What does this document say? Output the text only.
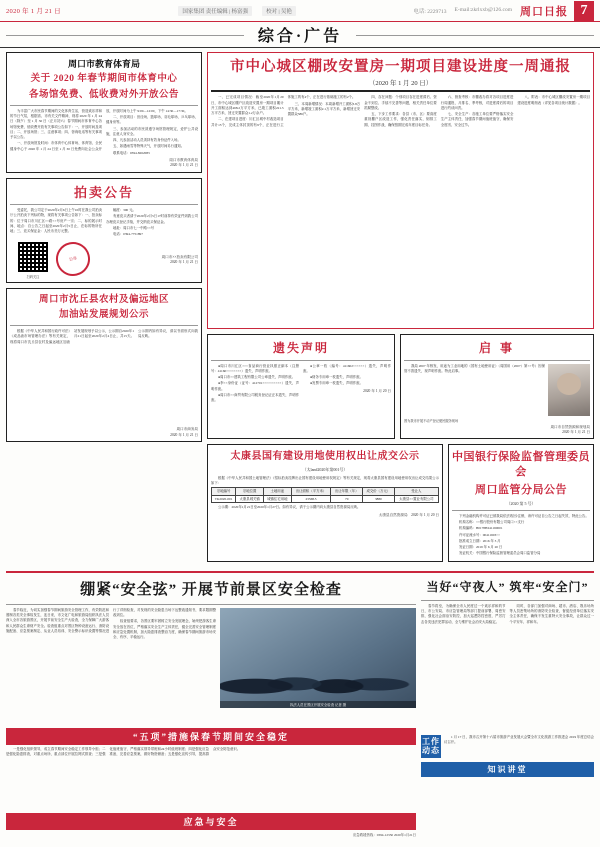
2020 年 1 月 21 日	国家集团 责任编辑 | 杨富强	校对 | 吴艳	电话: 2229713 E-mail:zkrlxxb@126.com 周口日报 7
综合·广告
周口市教育体育局
关于 2020 年春节期间市体育中心
各场馆免费、低收费对外开放公告

为丰富广大市民春节期间的文化体育生活，营造欢乐祥和的节日气氛，根据省、市有关文件精神，现将 2020 年 1 月 24 日（除夕）至 1 月 30 日（正月初六）春节期间市体育中心各场馆免费、低收费开放有关事项公告如下：一、开放时间及项目；二、开放场馆；三、注意事项；四、咨询电话等有关事项予以公告。

一、开放场馆及时间：市体育中心体育场、体育馆、全民健身中心于 2020 年 1 月 24 日至 1 月 30 日免费向社会公众开放，开放时间为上午 9:00—12:00，下午 14:30—17:30。

二、开放项目：田径场、篮球场、羽毛球场、乒乓球场、健身房等。

三、参加活动的市民须遵守场馆管理规定，爱护公共设施，注意人身安全。

四、凡参加活动人员须持有效身份证件入场。

五、如遇雨雪等特殊天气，开放时间另行通知。

联系电话：0394-8262083

周口市教育体育局
2020 年 1 月 21 日
拍卖公告

受委托，我公司定于2020年2月6日上午10时在我公司拍卖厅公开拍卖下列标的物，现将有关事项公告如下：一、拍卖标的：位于周口市川汇区××路××号房产一宗；二、标的展示时间、地点：自公告之日起至2020年2月5日止，在标的物所在地；三、竞买保证金：人民币叁万元整。

幅度：300 元。

有意竞买者请于2020年2月5日17时前持有效证件到我公司办理竞买登记手续，并交纳竞买保证金。

地址：周口市七一中路××号

电话：0394-7751897

扫码关注
公章	周口市××拍卖有限公司
2020 年 1 月 21 日
周口市沈丘县农村及偏远地区
加油站发展规划公示

根据《中华人民共和国行政许可法》《成品油市场管理办法》等有关规定，现将周口市沈丘县农村及偏远地区加油站发展规划予以公示，公示期自2020年1月21日起至2020年2月4日止，共15天。公示期内如有异议，请以书面形式向我局反映。

周口市商务局
2020 年 1 月 21 日
市中心城区棚改安置房一期项目建设进度一周通报
（2020 年 1 月 20 日）

一、已完成项目情况：截至2020年1月20日，市中心城区棚户区改造安置房一期项目累计开工面积达到468.2万平方米，已竣工面积221.5万平方米，回迁安置群众1.2万余户。

二、在建项目进度：川汇区城中村改造项目共计15个，完成主体封顶的有9个，正在进行主体施工的有4个，正在进行基础施工的有2个。

三、本周新增情况：本周新增开工面积3.8万平方米，新增竣工面积2.1万平方米，新增回迁安置群众386户。

四、存在问题：个别项目存在进度滞后、资金不到位、手续不完善等问题，相关责任单位要抓紧整改。

五、下步工作要求：各县（市、区）要高度重视棚户区改造工作，强化责任落实，倒排工期、挂图作战，确保按期完成年度目标任务。

六、督查考核：市棚改办将对各项目进度进行周通报、月排名、季考核，对进度滞后的项目进行约谈问责。

七、安全生产：各施工单位要严格落实安全生产主体责任，加强春节期间值班值守，确保安全度汛、安全过节。

八、附表：市中心城区棚改安置房一期项目建设进度明细表（详见各项目统计数据）。

遗失声明

●周口市川汇区×××食品商行营业执照正副本（注册号：41160××××××××）遗失，声明作废。

●周口市××建筑工程有限公司公章遗失，声明作废。

●李××身份证（证号：412701××××××××××）遗失，声明作废。

●周口市××商贸有限公司税务登记证正本遗失，声明作废。

●公章一枚（编号：411602××××××）遗失，声明作废。

●财务专用章一枚遗失，声明作废。

●发票专用章一枚遗失，声明作废。

2020 年 1 月 20 日
启 事

我局 2007 年核发、用途为工业用地的《国有土地使用证》（周国用（2007）第××号）因保管不善遗失，现声明作废。特此启事。

图为我市开展不动产登记便民服务现场
周口市自然资源和规划局
2020 年 1 月 21 日
太康县国有建设用地使用权出让成交公示
（太land2020年第001号）

根据《中华人民共和国土地管理法》《招标拍卖挂牌出让国有建设用地使用权规定》等有关规定，现将太康县国有建设用地使用权出让成交结果公示如下：

宗地编号	宗地位置	土地用途	出让面积（平方米）	出让年限（年）	成交价（万元）	受让人
TK2020-001	太康县城关镇	城镇住宅用地	23568.5	70	3880	太康县××置业有限公司

公示期：2020年1月21日至2020年1月27日。如有异议，请于公示期内向太康县自然资源局反映。

太康县自然资源局 2020 年 1 月 20 日
中国银行保险监督管理委员会
周口监管分局公告
（2020 第 5 号）

下列金融机构许可证已被我局依法收回/注销，该许可证自公告之日起失效，特此公告。

机构名称：××银行股份有限公司周口××支行

机构编码：B0178H241160001

许可证流水号：00411603××

批准成立日期：2016 年 3 月

发证日期：2019 年 6 月 20 日

发证机关：中国银行保险监督管理委员会周口监管分局

绷紧“安全弦” 开展节前景区安全检查

春节临近，为切实加强春节期间旅游安全管理工作，有效防范和遏制各类安全事故发生，连日来，市文化广电和旅游局组织执法人员深入全市各旅游景区，开展节前安全生产大检查，全力保障广大游客和人民群众生命财产安全。检查组重点对景区特种设备运行、消防设施配备、应急预案制定、从业人员培训、安全警示标识设置等情况进行了详细检查，对发现的安全隐患当场下达整改通知书，要求限期整改到位。

检查组要求，各景区要牢固树立安全发展理念，始终把游客生命安全放在首位，严格落实安全生产主体责任，健全完善安全管理制度和应急处置机制，加大隐患排查整治力度，确保春节期间旅游市场安全、有序、平稳运行。

执法人员在景区开展安全检查 记者 摄
“五项”措施保春节期间安全稳定

一是强化组织领导，成立春节期间安全稳定工作领导小组；二是强化隐患排查，对重点场所、重点部位开展拉网式排查；三是强化值班值守，严格落实领导带班和24小时值班制度；四是强化应急准备，完善应急预案，做好物资储备；五是强化宣传引导，提高群众安全防范意识。

应急与安全
应急救援热线：0394-12350 2020年1月21日
当好“守夜人” 筑牢“安全门”

春节将至，为确保全市人民度过一个欢乐祥和的节日，市公安局、市应急管理局等部门提前部署、周密安排，强化社会面治安防控，加大巡逻防控密度，严厉打击各类违法犯罪活动，全力维护社会治安大局稳定。

同时，各部门加强对商场、超市、酒店、娱乐场所等人员密集场所的消防安全检查，督促经营单位落实安全主体责任，确保不发生重特大安全事故，让群众过一个平安年、祥和年。

工作动态

1 月 17 日，我市召开第十六届市旅游产业发展大会暨全市文化旅游工作推进会 2019 年度总结会议召开。

知识讲堂
